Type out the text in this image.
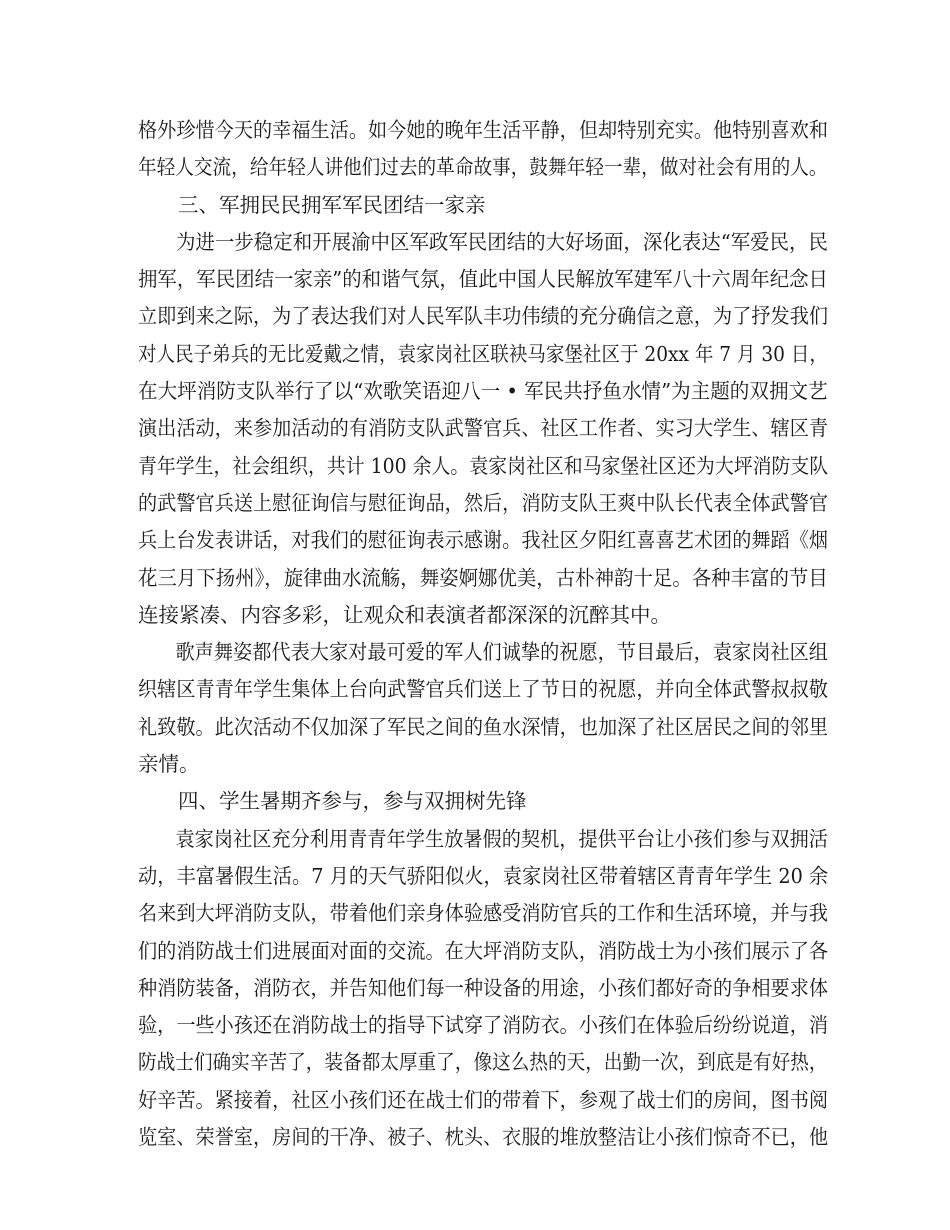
格外珍惜今天的幸福生活。如今她的晚年生活平静，但却特别充实。他特别喜欢和
年轻人交流，给年轻人讲他们过去的革命故事，鼓舞年轻一辈，做对社会有用的人。
三、军拥民民拥军军民团结一家亲
为进一步稳定和开展渝中区军政军民团结的大好场面，深化表达“军爱民，民
拥军，军民团结一家亲”的和谐气氛，值此中国人民解放军建军八十六周年纪念日
立即到来之际，为了表达我们对人民军队丰功伟绩的充分确信之意，为了抒发我们
对人民子弟兵的无比爱戴之情，袁家岗社区联袂马家堡社区于 20xx 年 7 月 30 日，
在大坪消防支队举行了以“欢歌笑语迎八一 • 军民共抒鱼水情”为主题的双拥文艺
演出活动，来参加活动的有消防支队武警官兵、社区工作者、实习大学生、辖区青
青年学生，社会组织，共计 100 余人。袁家岗社区和马家堡社区还为大坪消防支队
的武警官兵送上慰征询信与慰征询品，然后，消防支队王爽中队长代表全体武警官
兵上台发表讲话，对我们的慰征询表示感谢。我社区夕阳红喜喜艺术团的舞蹈《烟
花三月下扬州》，旋律曲水流觞，舞姿婀娜优美，古朴神韵十足。各种丰富的节目
连接紧凑、内容多彩，让观众和表演者都深深的沉醉其中。
歌声舞姿都代表大家对最可爱的军人们诚挚的祝愿，节目最后，袁家岗社区组
织辖区青青年学生集体上台向武警官兵们送上了节日的祝愿，并向全体武警叔叔敬
礼致敬。此次活动不仅加深了军民之间的鱼水深情，也加深了社区居民之间的邻里
亲情。
四、学生暑期齐参与，参与双拥树先锋
袁家岗社区充分利用青青年学生放暑假的契机，提供平台让小孩们参与双拥活
动，丰富暑假生活。7 月的天气骄阳似火，袁家岗社区带着辖区青青年学生 20 余
名来到大坪消防支队，带着他们亲身体验感受消防官兵的工作和生活环境，并与我
们的消防战士们进展面对面的交流。在大坪消防支队，消防战士为小孩们展示了各
种消防装备，消防衣，并告知他们每一种设备的用途，小孩们都好奇的争相要求体
验，一些小孩还在消防战士的指导下试穿了消防衣。小孩们在体验后纷纷说道，消
防战士们确实辛苦了，装备都太厚重了，像这么热的天，出勤一次，到底是有好热，
好辛苦。紧接着，社区小孩们还在战士们的带着下，参观了战士们的房间，图书阅
览室、荣誉室，房间的干净、被子、枕头、衣服的堆放整洁让小孩们惊奇不已，他
